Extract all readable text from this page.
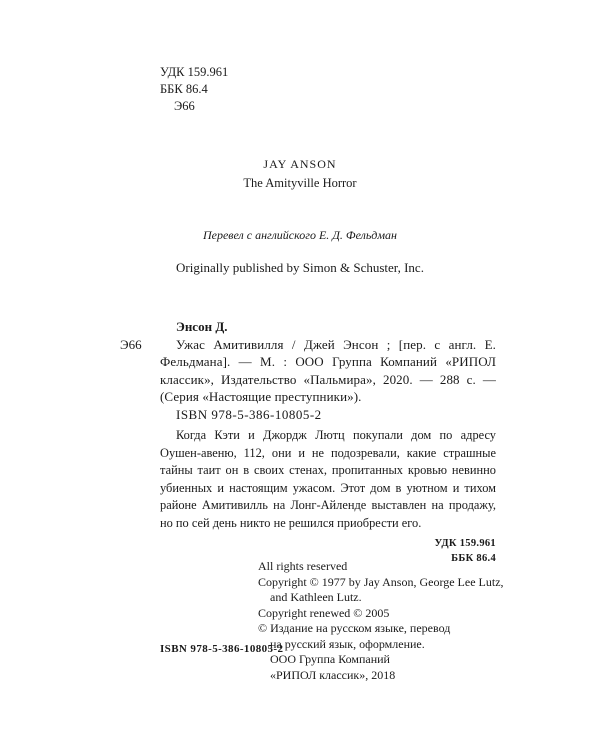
УДК 159.961
ББК 86.4
Э66
JAY ANSON
The Amityville Horror
Перевел с английского Е. Д. Фельдман
Originally published by Simon & Schuster, Inc.
Энсон Д.
Э66	Ужас Амитивилля / Джей Энсон ; [пер. с англ. Е. Фельдмана]. — М. : ООО Группа Компаний «РИПОЛ классик», Издательство «Пальмира», 2020. — 288 с. — (Серия «Настоящие преступники»).
ISBN 978-5-386-10805-2
Когда Кэти и Джордж Лютц покупали дом по адресу Оушен-авеню, 112, они и не подозревали, какие страшные тайны таит он в своих стенах, пропитанных кровью невинно убиенных и настоящим ужасом. Этот дом в уютном и тихом районе Амитивилль на Лонг-Айленде выставлен на продажу, но по сей день никто не решился приобрести его.
УДК 159.961
ББК 86.4
All rights reserved
Copyright © 1977 by Jay Anson, George Lee Lutz,
and Kathleen Lutz.
Copyright renewed © 2005
© Издание на русском языке, перевод
на русский язык, оформление.
ООО Группа Компаний
«РИПОЛ классик», 2018
ISBN 978-5-386-10805-2
